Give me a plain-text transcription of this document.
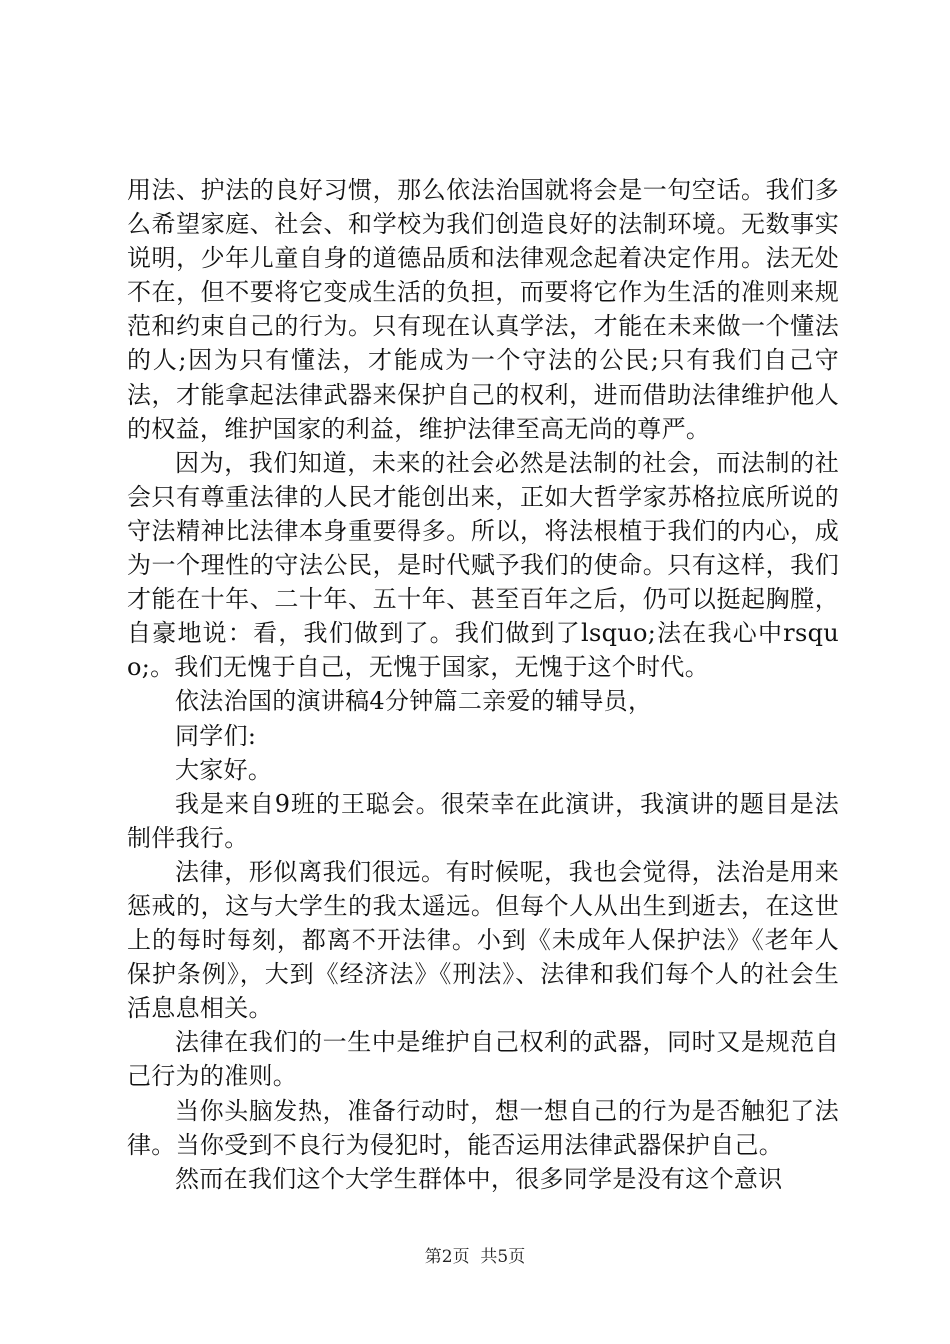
用法、护法的良好习惯，那么依法治国就将会是一句空话。我们多么希望家庭、社会、和学校为我们创造良好的法制环境。无数事实说明，少年儿童自身的道德品质和法律观念起着决定作用。法无处不在，但不要将它变成生活的负担，而要将它作为生活的准则来规范和约束自己的行为。只有现在认真学法，才能在未来做一个懂法的人;因为只有懂法，才能成为一个守法的公民;只有我们自己守法，才能拿起法律武器来保护自己的权利，进而借助法律维护他人的权益，维护国家的利益，维护法律至高无尚的尊严。

因为，我们知道，未来的社会必然是法制的社会，而法制的社会只有尊重法律的人民才能创出来，正如大哲学家苏格拉底所说的守法精神比法律本身重要得多。所以，将法根植于我们的内心，成为一个理性的守法公民，是时代赋予我们的使命。只有这样，我们才能在十年、二十年、五十年、甚至百年之后，仍可以挺起胸膛，自豪地说：看，我们做到了。我们做到了lsquo;法在我心中rsquo;。我们无愧于自己，无愧于国家，无愧于这个时代。

依法治国的演讲稿4分钟篇二亲爱的辅导员，

同学们:

大家好。

我是来自9班的王聪会。很荣幸在此演讲，我演讲的题目是法制伴我行。

法律，形似离我们很远。有时候呢，我也会觉得，法治是用来惩戒的，这与大学生的我太遥远。但每个人从出生到逝去，在这世上的每时每刻，都离不开法律。小到《未成年人保护法》《老年人保护条例》，大到《经济法》《刑法》、法律和我们每个人的社会生活息息相关。

法律在我们的一生中是维护自己权利的武器，同时又是规范自己行为的准则。

当你头脑发热，准备行动时，想一想自己的行为是否触犯了法律。当你受到不良行为侵犯时，能否运用法律武器保护自己。

然而在我们这个大学生群体中，很多同学是没有这个意识

第2页 共5页
